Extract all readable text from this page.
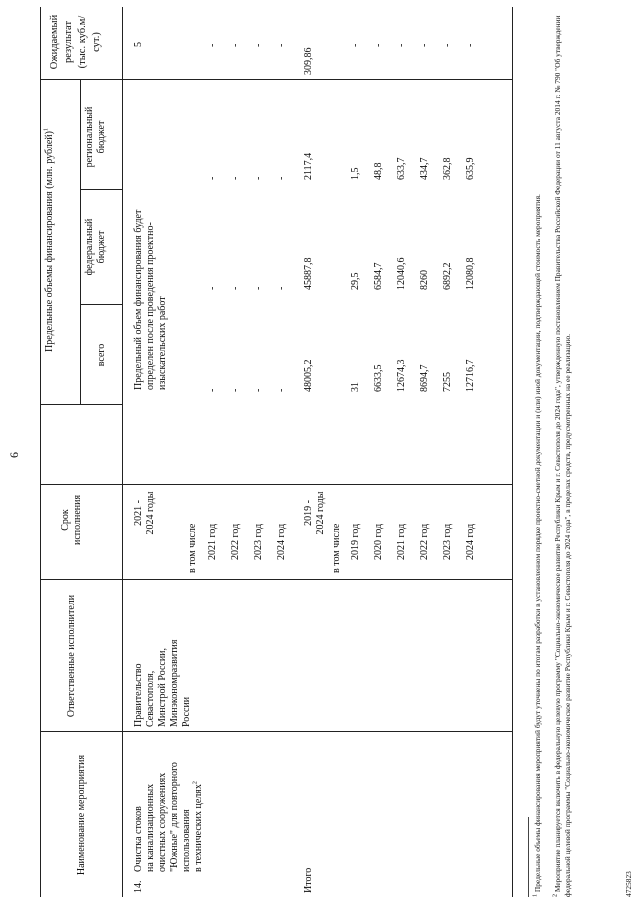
6
Наименование мероприятия
Ответственные исполнители
Срок исполнения
Предельные объемы финансирования (млн. рублей)$^1$
всего
федеральный бюджет
региональный бюджет
Ожидаемый результат (тыс. куб.м/сут.)
14.
Очистка стоков на канализационных очистных сооружениях "Южные" для повторного использования в технических целях$^2$
Правительство Севастополя, Минстрой России, Минэкономразвития России
2021 - 2024 годы
в том числе
Предельный объем финансирования будет определен после проведения проектно-изыскательских работ
5
2021 год
-
-
-
-
2022 год
-
-
-
-
2023 год
-
-
-
-
2024 год
-
-
-
-
Итого
2019 - 2024 годы
в том числе
48005,2
45887,8
2117,4
309,86
2019 год
31
29,5
1,5
-
2020 год
6633,5
6584,7
48,8
-
2021 год
12674,3
12040,6
633,7
-
2022 год
8694,7
8260
434,7
-
2023 год
7255
6892,2
362,8
-
2024 год
12716,7
12080,8
635,9
-
$^1$ Предельные объемы финансирования мероприятий будут уточнены по итогам разработки в установленном порядке проектно-сметной документации и (или) иной документации, подтверждающей стоимость мероприятия.
$^2$ Мероприятие планируется включить в федеральную целевую программу "Социально-экономическое развитие Республики Крым и г. Севастополя до 2024 года", утвержденную постановлением Правительства Российской Федерации от 11 августа 2014 г. № 790 "Об утверждении федеральной целевой программы "Социально-экономическое развитие Республики Крым и г. Севастополя до 2024 года", в пределах средств, предусмотренных на ее реализацию.	4725823
